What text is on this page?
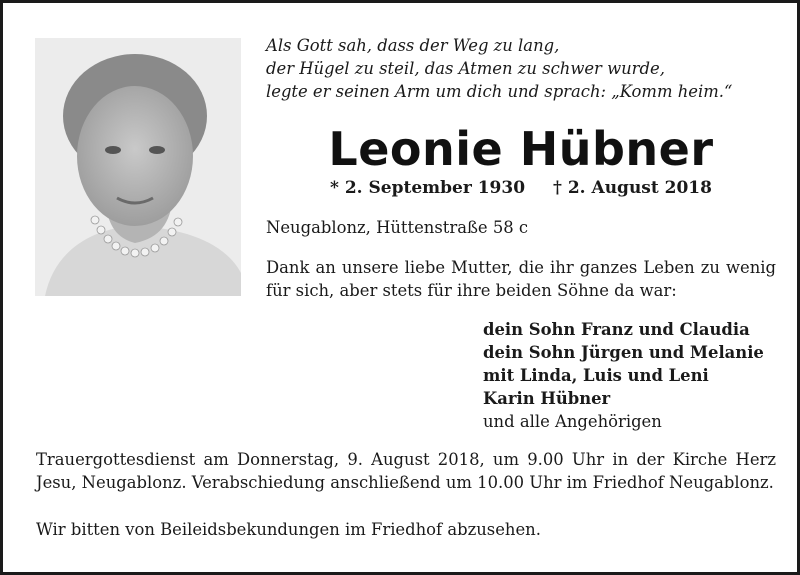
Als Gott sah, dass der Weg zu lang,
der Hügel zu steil, das Atmen zu schwer wurde,
legte er seinen Arm um dich und sprach: „Komm heim.“
Leonie Hübner
* 2. September 1930 † 2. August 2018
Neugablonz, Hüttenstraße 58 c
Dank an unsere liebe Mutter, die ihr ganzes Leben zu wenig für sich, aber stets für ihre beiden Söhne da war:
dein Sohn Franz und Claudia
dein Sohn Jürgen und Melanie
mit Linda, Luis und Leni
Karin Hübner
und alle Angehörigen
Trauergottesdienst am Donnerstag, 9. August 2018, um 9.00 Uhr in der Kirche Herz Jesu, Neugablonz. Verabschiedung anschließend um 10.00 Uhr im Friedhof Neugablonz.
Wir bitten von Beileidsbekundungen im Friedhof abzusehen.
